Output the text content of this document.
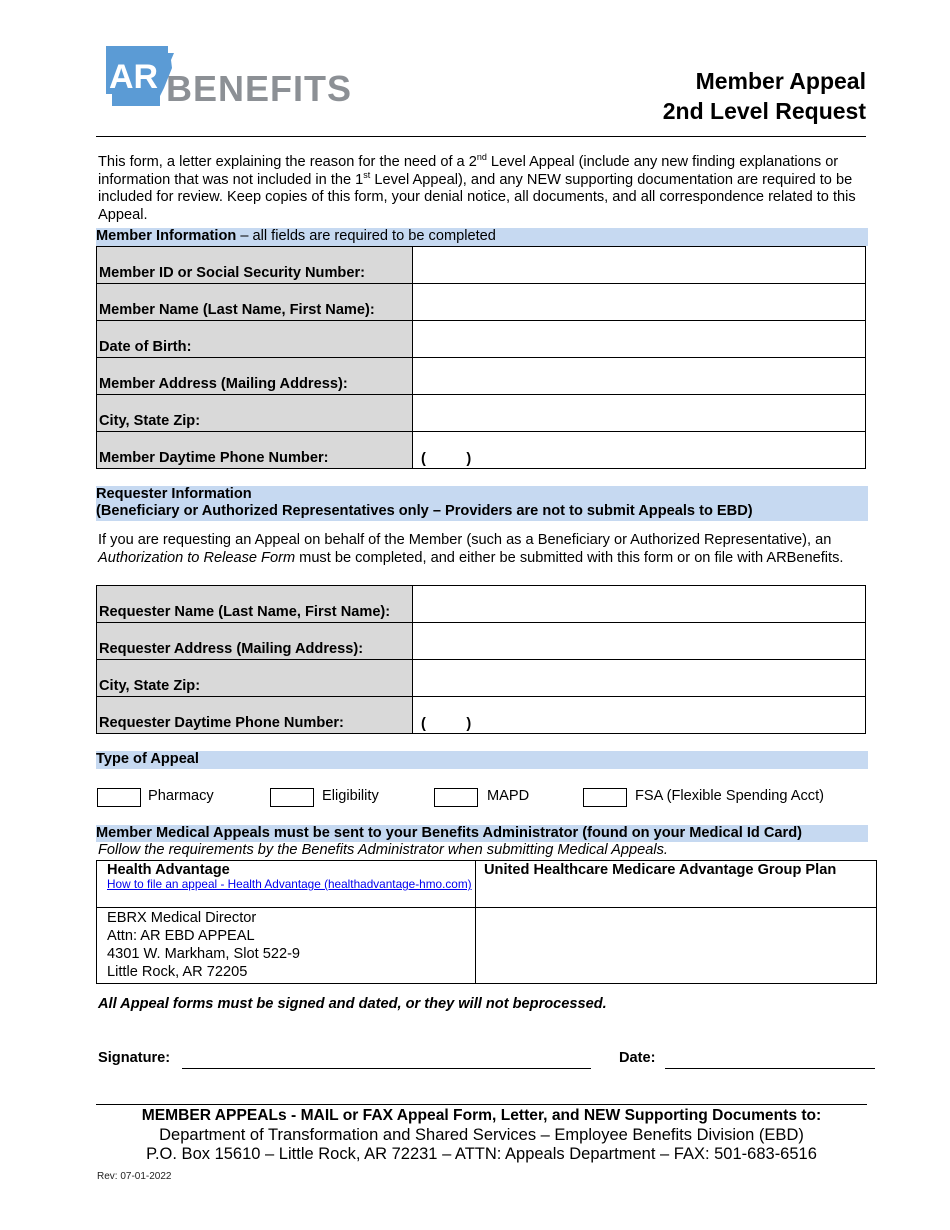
AR BENEFITS	Member Appeal
2nd Level Request
This form, a letter explaining the reason for the need of a 2nd Level Appeal (include any new finding explanations or information that was not included in the 1st Level Appeal), and any NEW supporting documentation are required to be included for review. Keep copies of this form, your denial notice, all documents, and all correspondence related to this Appeal.
Member Information – all fields are required to be completed
Member ID or Social Security Number:	
Member Name (Last Name, First Name):	
Date of Birth:	
Member Address (Mailing Address):	
City, State Zip:	
Member Daytime Phone Number:	(          )
Requester Information
(Beneficiary or Authorized Representatives only – Providers are not to submit Appeals to EBD)
If you are requesting an Appeal on behalf of the Member (such as a Beneficiary or Authorized Representative), an Authorization to Release Form must be completed, and either be submitted with this form or on file with ARBenefits.
Requester Name (Last Name, First Name):	
Requester Address (Mailing Address):	
City, State Zip:	
Requester Daytime Phone Number:	(          )
Type of Appeal
Pharmacy	Eligibility	MAPD	FSA (Flexible Spending Acct)
Member Medical Appeals must be sent to your Benefits Administrator (found on your Medical Id Card)
Follow the requirements by the Benefits Administrator when submitting Medical Appeals.
Health Advantage
How to file an appeal - Health Advantage (healthadvantage-hmo.com)	United Healthcare Medicare Advantage Group Plan

EBRX Medical Director
Attn: AR EBD APPEAL
4301 W. Markham, Slot 522-9
Little Rock, AR 72205	

All Appeal forms must be signed and dated, or they will not beprocessed.
Signature:	Date:
MEMBER APPEALs - MAIL or FAX Appeal Form, Letter, and NEW Supporting Documents to:
Department of Transformation and Shared Services – Employee Benefits Division (EBD)
P.O. Box 15610 – Little Rock, AR 72231 – ATTN: Appeals Department – FAX: 501-683-6516
Rev: 07-01-2022
